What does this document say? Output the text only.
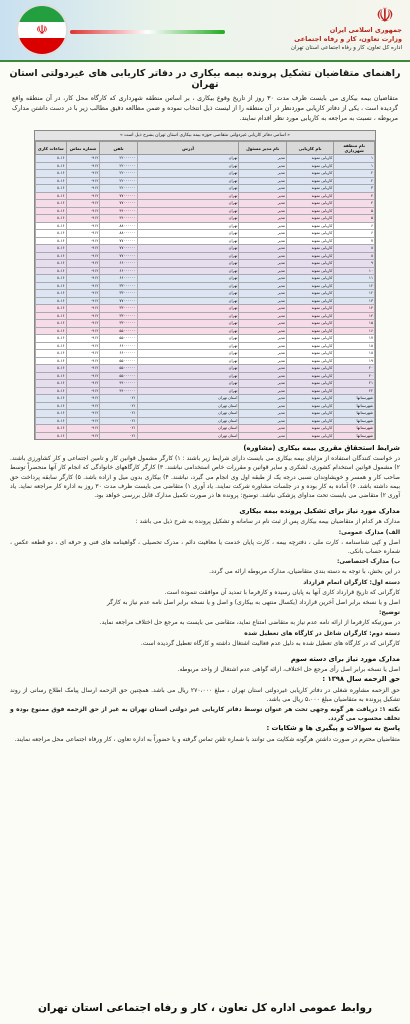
☫
☫
جمهوری اسلامی ایران
وزارت تعاون، کار و رفاه اجتماعی
اداره کل تعاون، کار و رفاه اجتماعی استان تهران
راهنمای متقاضیان تشکیل پرونده بیمه بیکاری در دفاتر کاریابی های غیردولتی استان تهران
متقاضیان بیمه بیکاری می بایست ظرف مدت ۳۰ روز از تاریخ وقوع بیکاری ، بر اساس منطقه شهرداری که کارگاه محل کار، در آن منطقه واقع گردیده است ، یکی از دفاتر کاریابی موردنظر در آن منطقه را از لیست ذیل انتخاب نموده و ضمن مطالعه دقیق مطالب زیر با در دست داشتن مدارک مربوطه ، نسبت به مراجعه به کاریابی مورد نظر اقدام نمایند.
« اسامی دفاتر کاریابی غیردولتی متقاضی حوزه بیمه بیکاری استان تهران بشرح ذیل است »
نام منطقه شهرداری	نام کاریابی	نام مدیر مسئول	آدرس	تلفن	شماره تماس	ساعات کاری
۱	کاریابی نمونه	مدیر	تهران	۲۲۰۰۰۰۰۰	۰۹۱۲	۸-۱۶
۱	کاریابی نمونه	مدیر	تهران	۲۲۰۰۰۰۰۰	۰۹۱۲	۸-۱۶
۲	کاریابی نمونه	مدیر	تهران	۲۲۰۰۰۰۰۰	۰۹۱۲	۸-۱۶
۲	کاریابی نمونه	مدیر	تهران	۲۲۰۰۰۰۰۰	۰۹۱۲	۸-۱۶
۳	کاریابی نمونه	مدیر	تهران	۲۲۰۰۰۰۰۰	۰۹۱۲	۸-۱۶
۴	کاریابی نمونه	مدیر	تهران	۷۷۰۰۰۰۰۰	۰۹۱۲	۸-۱۶
۴	کاریابی نمونه	مدیر	تهران	۷۷۰۰۰۰۰۰	۰۹۱۲	۸-۱۶
۵	کاریابی نمونه	مدیر	تهران	۴۴۰۰۰۰۰۰	۰۹۱۲	۸-۱۶
۵	کاریابی نمونه	مدیر	تهران	۴۴۰۰۰۰۰۰	۰۹۱۲	۸-۱۶
۶	کاریابی نمونه	مدیر	تهران	۸۸۰۰۰۰۰۰	۰۹۱۲	۸-۱۶
۶	کاریابی نمونه	مدیر	تهران	۸۸۰۰۰۰۰۰	۰۹۱۲	۸-۱۶
۷	کاریابی نمونه	مدیر	تهران	۷۷۰۰۰۰۰۰	۰۹۱۲	۸-۱۶
۸	کاریابی نمونه	مدیر	تهران	۷۷۰۰۰۰۰۰	۰۹۱۲	۸-۱۶
۸	کاریابی نمونه	مدیر	تهران	۷۷۰۰۰۰۰۰	۰۹۱۲	۸-۱۶
۹	کاریابی نمونه	مدیر	تهران	۶۶۰۰۰۰۰۰	۰۹۱۲	۸-۱۶
۱۰	کاریابی نمونه	مدیر	تهران	۶۶۰۰۰۰۰۰	۰۹۱۲	۸-۱۶
۱۱	کاریابی نمونه	مدیر	تهران	۶۶۰۰۰۰۰۰	۰۹۱۲	۸-۱۶
۱۲	کاریابی نمونه	مدیر	تهران	۳۳۰۰۰۰۰۰	۰۹۱۲	۸-۱۶
۱۲	کاریابی نمونه	مدیر	تهران	۳۳۰۰۰۰۰۰	۰۹۱۲	۸-۱۶
۱۳	کاریابی نمونه	مدیر	تهران	۷۷۰۰۰۰۰۰	۰۹۱۲	۸-۱۶
۱۴	کاریابی نمونه	مدیر	تهران	۳۳۰۰۰۰۰۰	۰۹۱۲	۸-۱۶
۱۴	کاریابی نمونه	مدیر	تهران	۳۳۰۰۰۰۰۰	۰۹۱۲	۸-۱۶
۱۵	کاریابی نمونه	مدیر	تهران	۳۳۰۰۰۰۰۰	۰۹۱۲	۸-۱۶
۱۶	کاریابی نمونه	مدیر	تهران	۵۵۰۰۰۰۰۰	۰۹۱۲	۸-۱۶
۱۷	کاریابی نمونه	مدیر	تهران	۵۵۰۰۰۰۰۰	۰۹۱۲	۸-۱۶
۱۸	کاریابی نمونه	مدیر	تهران	۶۶۰۰۰۰۰۰	۰۹۱۲	۸-۱۶
۱۸	کاریابی نمونه	مدیر	تهران	۶۶۰۰۰۰۰۰	۰۹۱۲	۸-۱۶
۱۹	کاریابی نمونه	مدیر	تهران	۵۵۰۰۰۰۰۰	۰۹۱۲	۸-۱۶
۲۰	کاریابی نمونه	مدیر	تهران	۵۵۰۰۰۰۰۰	۰۹۱۲	۸-۱۶
۲۰	کاریابی نمونه	مدیر	تهران	۵۵۰۰۰۰۰۰	۰۹۱۲	۸-۱۶
۲۱	کاریابی نمونه	مدیر	تهران	۴۴۰۰۰۰۰۰	۰۹۱۲	۸-۱۶
۲۲	کاریابی نمونه	مدیر	تهران	۴۴۰۰۰۰۰۰	۰۹۱۲	۸-۱۶
شهرستانها	کاریابی نمونه	مدیر	استان تهران	۰۲۱	۰۹۱۲	۸-۱۶
شهرستانها	کاریابی نمونه	مدیر	استان تهران	۰۲۱	۰۹۱۲	۸-۱۶
شهرستانها	کاریابی نمونه	مدیر	استان تهران	۰۲۱	۰۹۱۲	۸-۱۶
شهرستانها	کاریابی نمونه	مدیر	استان تهران	۰۲۱	۰۹۱۲	۸-۱۶
شهرستانها	کاریابی نمونه	مدیر	استان تهران	۰۲۱	۰۹۱۲	۸-۱۶
شهرستانها	کاریابی نمونه	مدیر	استان تهران	۰۲۱	۰۹۱۲	۸-۱۶

شرایط استحقاق مقرری بیمه بیکاری (مشاوره)

در خواست کنندگان استفاده از مزایای بیمه بیکاری می بایست دارای شرایط زیر باشند : ۱) کارگر مشمول قوانین کار و تامین اجتماعی و کار کشاورزی باشند. ۲) مشمول قوانین استخدام کشوری، لشکری و سایر قوانین و مقررات خاص استخدامی نباشند. ۳) کارگر کارگاههای خانوادگی که انجام کار آنها منحصراً توسط صاحب کار و همسر و خویشاوندان نسبی درجه یک از طبقه اول وی انجام می گیرد، نباشند. ۴) بیکاری بدون میل و اراده باشد. ۵) کارگر سابقه پرداخت حق بیمه داشته باشد. ۶) آماده به کار بوده و در جلسات مشاوره شرکت نمایند. یاد آوری ۱) متقاضی می بایست ظرف مدت ۳۰ روز به اداره کار مراجعه نماید. یاد آوری ۲) متقاضی می بایست تحت مداوای پزشکی نباشد. توضیح: پرونده ها در صورت تکمیل مدارک قابل بررسی خواهد بود.

مدارک مورد نیاز برای تشکیل پرونده بیمه بیکاری

مدارک هر کدام از متقاضیان بیمه بیکاری پس از ثبت نام در سامانه و تشکیل پرونده به شرح ذیل می باشد :

الف) مدارک عمومی:

اصل و کپی شناسنامه ، کارت ملی ، دفترچه بیمه ، کارت پایان خدمت یا معافیت دائم ، مدرک تحصیلی ، گواهینامه های فنی و حرفه ای ، دو قطعه عکس ، شماره حساب بانکی.

ب) مدارک اختصاصی:

در این بخش، با توجه به دسته بندی متقاضیان، مدارک مربوطه ارائه می گردد.

دسته اول: کارگران اتمام قرارداد

کارگرانی که تاریخ قرارداد کاری آنها به پایان رسیده و کارفرما با تمدید آن موافقت ننموده است.

اصل و یا نسخه برابر اصل آخرین قرارداد (یکسال منتهی به بیکاری) و اصل و یا نسخه برابر اصل نامه عدم نیاز به کارگر

توضیح:

در صورتیکه کارفرما از ارائه نامه عدم نیاز به متقاضی امتناع نماید، متقاضی می بایست به مرجع حل اختلاف مراجعه نماید.

دسته دوم: کارگران شاغل در کارگاه های تعطیل شده

کارگرانی که در کارگاه های تعطیل شده به دلیل عدم فعالیت اشتغال داشته و کارگاه تعطیل گردیده است.

مدارک مورد نیاز برای دسته سوم

اصل یا نسخه برابر اصل رأی مرجع حل اختلاف، ارائه گواهی عدم اشتغال از واحد مربوطه.

حق الزحمه سال ۱۳۹۸ :

حق الزحمه مشاوره شغلی در دفاتر کاریابی غیردولتی استان تهران ، مبلغ ۲۷۰،۰۰۰ ریال می باشد. همچنین حق الزحمه ارسال پیامک اطلاع رسانی از روند تشکیل پرونده به متقاضیان مبلغ ۵،۰۰۰ ریال می باشد.

نکته ۱: دریافت هر گونه وجهی تحت هر عنوان توسط دفاتر کاریابی غیر دولتی استان تهران به غیر از حق الزحمه فوق ممنوع بوده و تخلف محسوب می گردد.

پاسخ به سوالات و پیگیری ها و شکایات :

متقاضیان محترم در صورت داشتن هرگونه شکایت می توانند با شماره تلفن تماس گرفته و یا حضوراً به اداره تعاون ، کار ورفاه اجتماعی محل مراجعه نمایند.

روابط عمومی اداره کل تعاون ، کار و رفاه اجتماعی استان تهران
